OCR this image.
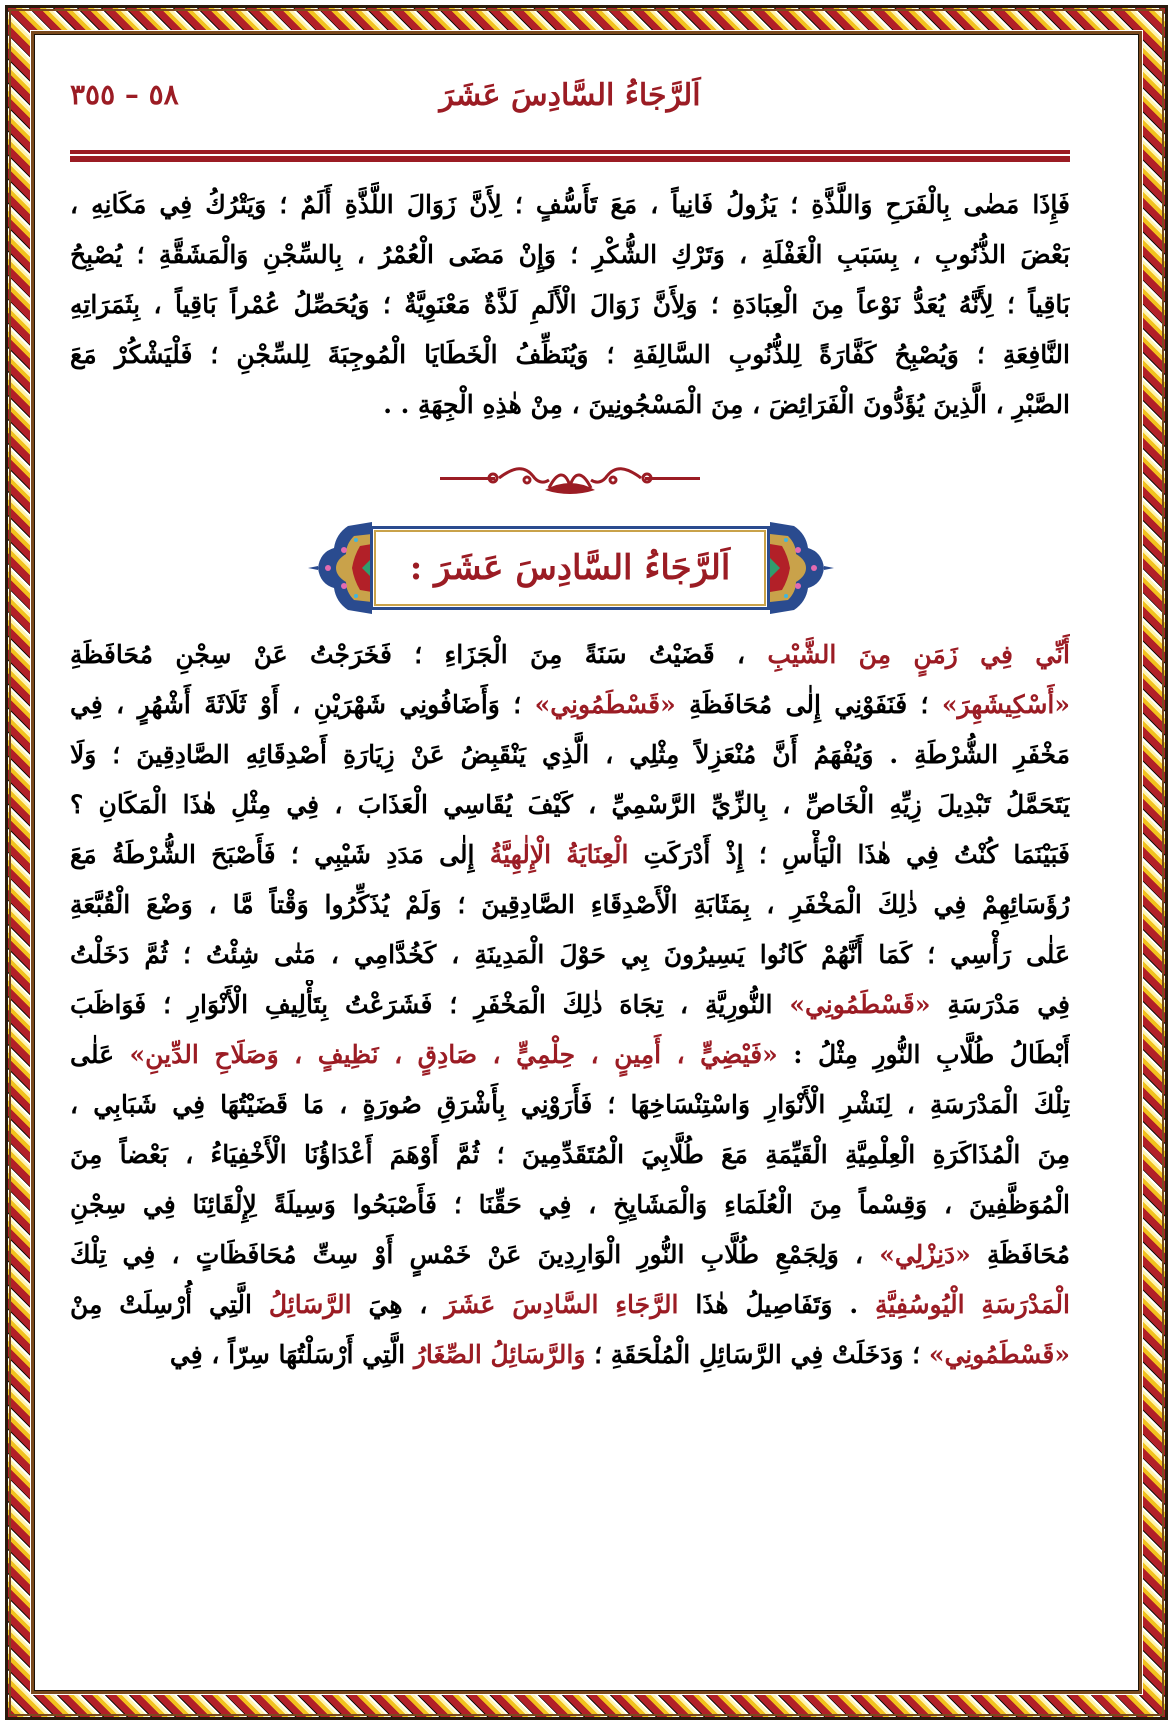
اَلرَّجَاءُ السَّادِسَ عَشَرَ
٥٨ – ٣٥٥
فَإِذَا مَضٰى بِالْفَرَحِ وَاللَّذَّةِ ؛ يَزُولُ فَانِياً ، مَعَ تَأَسُّفٍ ؛ لِأَنَّ زَوَالَ اللَّذَّةِ أَلَمٌ ؛ وَيَتْرُكُ فِي مَكَانِهِ ،
بَعْضَ الذُّنُوبِ ، بِسَبَبِ الْغَفْلَةِ ، وَتَرْكِ الشُّكْرِ ؛ وَإِنْ مَضَى الْعُمْرُ ، بِالسِّجْنِ وَالْمَشَقَّةِ ؛ يُصْبِحُ
بَاقِياً ؛ لِأَنَّهُ يُعَدُّ نَوْعاً مِنَ الْعِبَادَةِ ؛ وَلِأَنَّ زَوَالَ الْأَلَمِ لَذَّةٌ مَعْنَوِيَّةٌ ؛ وَيُحَصِّلُ عُمْراً بَاقِياً ، بِثَمَرَاتِهِ
النَّافِعَةِ ؛ وَيُصْبِحُ كَفَّارَةً لِلذُّنُوبِ السَّالِفَةِ ؛ وَيُنَظِّفُ الْخَطَايَا الْمُوجِبَةَ لِلسِّجْنِ ؛ فَلْيَشْكُرْ مَعَ
الصَّبْرِ ، الَّذِينَ يُؤَدُّونَ الْفَرَائِضَ ، مِنَ الْمَسْجُونِينَ ، مِنْ هٰذِهِ الْجِهَةِ . .
اَلرَّجَاءُ السَّادِسَ عَشَرَ :
أَنِّي فِي زَمَنٍ مِنَ الشَّيْبِ ، قَضَيْتُ سَنَةً مِنَ الْجَزَاءِ ؛ فَخَرَجْتُ عَنْ سِجْنِ مُحَافَظَةِ
«أَسْكِيشَهِرَ» ؛ فَنَفَوْنِي إِلٰى مُحَافَظَةِ «قَسْطَمُونِي» ؛ وَأَضَافُونِي شَهْرَيْنِ ، أَوْ ثَلَاثَةَ أَشْهُرٍ ، فِي
مَخْفَرِ الشُّرْطَةِ . وَيُفْهَمُ أَنَّ مُنْعَزِلاً مِثْلِي ، الَّذِي يَنْقَبِضُ عَنْ زِيَارَةِ أَصْدِقَائِهِ الصَّادِقِينَ ؛ وَلَا
يَتَحَمَّلُ تَبْدِيلَ زِيِّهِ الْخَاصِّ ، بِالزِّيِّ الرَّسْمِيِّ ، كَيْفَ يُقَاسِي الْعَذَابَ ، فِي مِثْلِ هٰذَا الْمَكَانِ ؟
فَبَيْنَمَا كُنْتُ فِي هٰذَا الْيَأْسِ ؛ إِذْ أَدْرَكَتِ الْعِنَايَةُ الْإِلٰهِيَّةُ إِلٰى مَدَدِ شَيْبِي ؛ فَأَصْبَحَ الشُّرْطَةُ مَعَ
رُؤَسَائِهِمْ فِي ذٰلِكَ الْمَخْفَرِ ، بِمَثَابَةِ الْأَصْدِقَاءِ الصَّادِقِينَ ؛ وَلَمْ يُذَكِّرُوا وَقْتاً مَّا ، وَضْعَ الْقُبَّعَةِ
عَلٰى رَأْسِي ؛ كَمَا أَنَّهُمْ كَانُوا يَسِيرُونَ بِي حَوْلَ الْمَدِينَةِ ، كَخُدَّامِي ، مَتٰى شِئْتُ ؛ ثُمَّ دَخَلْتُ
فِي مَدْرَسَةِ «قَسْطَمُونِي» النُّورِيَّةِ ، تِجَاهَ ذٰلِكَ الْمَخْفَرِ ؛ فَشَرَعْتُ بِتَأْلِيفِ الْأَنْوَارِ ؛ فَوَاظَبَ
أَبْطَالُ طُلَّابِ النُّورِ مِثْلُ : «فَيْضِيٍّ ، أَمِينٍ ، حِلْمِيٍّ ، صَادِقٍ ، نَظِيفٍ ، وَصَلَاحِ الدِّينِ» عَلٰى
تِلْكَ الْمَدْرَسَةِ ، لِنَشْرِ الْأَنْوَارِ وَاسْتِنْسَاخِهَا ؛ فَأَرَوْنِي بِأَشْرَقِ صُورَةٍ ، مَا قَضَيْتُهَا فِي شَبَابِي ،
مِنَ الْمُذَاكَرَةِ الْعِلْمِيَّةِ الْقَيِّمَةِ مَعَ طُلَّابِيَ الْمُتَقَدِّمِينَ ؛ ثُمَّ أَوْهَمَ أَعْدَاؤُنَا الْأَخْفِيَاءُ ، بَعْضاً مِنَ
الْمُوَظَّفِينَ ، وَقِسْماً مِنَ الْعُلَمَاءِ وَالْمَشَايِخِ ، فِي حَقِّنَا ؛ فَأَصْبَحُوا وَسِيلَةً لِإِلْقَائِنَا فِي سِجْنِ
مُحَافَظَةِ «دَنِزْلِي» ، وَلِجَمْعِ طُلَّابِ النُّورِ الْوَارِدِينَ عَنْ خَمْسٍ أَوْ سِتِّ مُحَافَظَاتٍ ، فِي تِلْكَ
الْمَدْرَسَةِ الْيُوسُفِيَّةِ . وَتَفَاصِيلُ هٰذَا الرَّجَاءِ السَّادِسَ عَشَرَ ، هِيَ الرَّسَائِلُ الَّتِي أُرْسِلَتْ مِنْ
«قَسْطَمُونِي» ؛ وَدَخَلَتْ فِي الرَّسَائِلِ الْمُلْحَقَةِ ؛ وَالرَّسَائِلُ الصِّغَارُ الَّتِي أَرْسَلْتُهَا سِرّاً ، فِي
